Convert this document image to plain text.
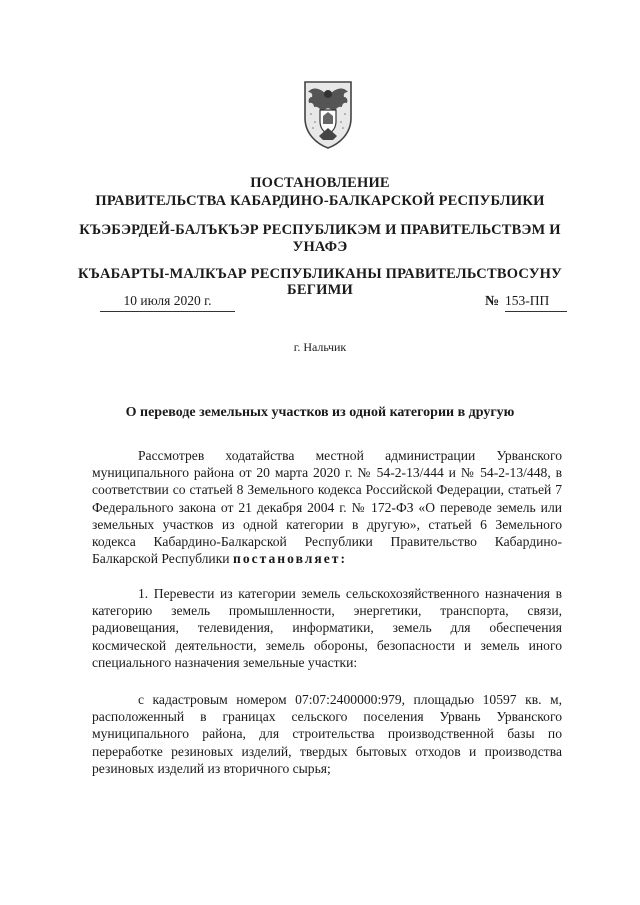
ПОСТАНОВЛЕНИЕ
ПРАВИТЕЛЬСТВА КАБАРДИНО-БАЛКАРСКОЙ РЕСПУБЛИКИ
КЪЭБЭРДЕЙ-БАЛЪКЪЭР РЕСПУБЛИКЭМ И ПРАВИТЕЛЬСТВЭМ И
УНАФЭ
КЪАБАРТЫ-МАЛКЪАР РЕСПУБЛИКАНЫ ПРАВИТЕЛЬСТВОСУНУ
БЕГИМИ
10 июля 2020 г.	№ 153-ПП
г. Нальчик
О переводе земельных участков из одной категории в другую

Рассмотрев ходатайства местной администрации Урванского муниципального района от 20 марта 2020 г. № 54-2-13/444 и № 54-2-13/448, в соответствии со статьей 8 Земельного кодекса Российской Федерации, статьей 7 Федерального закона от 21 декабря 2004 г. № 172-ФЗ «О переводе земель или земельных участков из одной категории в другую», статьей 6 Земельного кодекса Кабардино-Балкарской Республики Правительство Кабардино-Балкарской Республики постановляет:

1. Перевести из категории земель сельскохозяйственного назначения в категорию земель промышленности, энергетики, транспорта, связи, радиовещания, телевидения, информатики, земель для обеспечения космической деятельности, земель обороны, безопасности и земель иного специального назначения земельные участки:

с кадастровым номером 07:07:2400000:979, площадью 10597 кв. м, расположенный в границах сельского поселения Урвань Урванского муниципального района, для строительства производственной базы по переработке резиновых изделий, твердых бытовых отходов и производства резиновых изделий из вторичного сырья;
